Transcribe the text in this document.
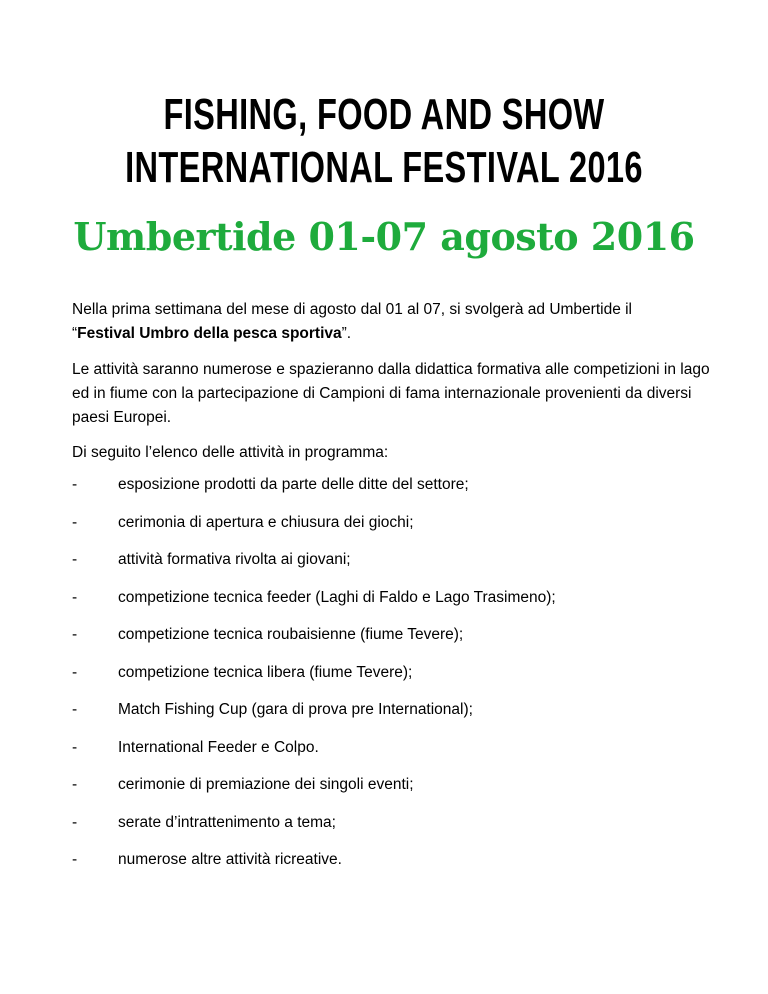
FISHING, FOOD AND SHOW
INTERNATIONAL FESTIVAL 2016
Umbertide 01-07 agosto 2016

Nella prima settimana del mese di agosto dal 01 al 07, si svolgerà ad Umbertide il
“Festival Umbro della pesca sportiva”.

Le attività saranno numerose e spazieranno dalla didattica formativa alle competizioni in lago ed in fiume con la partecipazione di Campioni di fama internazionale provenienti da diversi paesi Europei.

Di seguito l’elenco delle attività in programma:

-	esposizione prodotti da parte delle ditte del settore;
-	cerimonia di apertura e chiusura dei giochi;
-	attività formativa rivolta ai giovani;
-	competizione tecnica feeder (Laghi di Faldo e Lago Trasimeno);
-	competizione tecnica roubaisienne (fiume Tevere);
-	competizione tecnica libera (fiume Tevere);
-	Match Fishing Cup (gara di prova pre International);
-	International Feeder e Colpo.
-	cerimonie di premiazione dei singoli eventi;
-	serate d’intrattenimento a tema;
-	numerose altre attività ricreative.
